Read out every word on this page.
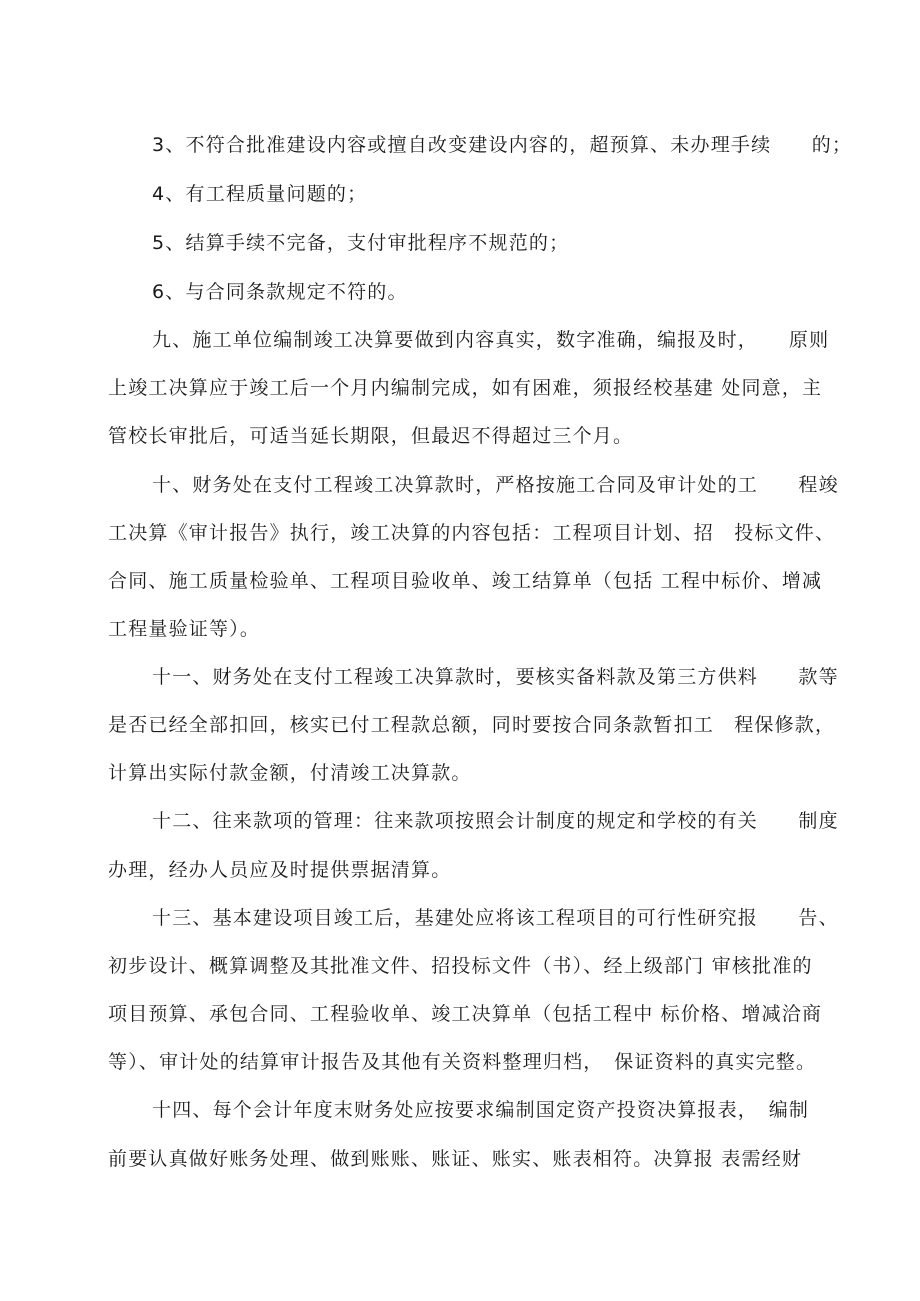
3、不符合批准建设内容或擅自改变建设内容的，超预算、未办理手续　　的；
4、有工程质量问题的；
5、结算手续不完备，支付审批程序不规范的；
6、与合同条款规定不符的。
九、施工单位编制竣工决算要做到内容真实，数字准确，编报及时，　　原则
上竣工决算应于竣工后一个月内编制完成，如有困难，须报经校基建 处同意，主
管校长审批后，可适当延长期限，但最迟不得超过三个月。
十、财务处在支付工程竣工决算款时，严格按施工合同及审计处的工　　程竣
工决算《审计报告》执行，竣工决算的内容包括：工程项目计划、招　投标文件、
合同、施工质量检验单、工程项目验收单、竣工结算单（包括 工程中标价、增减
工程量验证等）。
十一、财务处在支付工程竣工决算款时，要核实备料款及第三方供料　　款等
是否已经全部扣回，核实已付工程款总额，同时要按合同条款暂扣工　程保修款，
计算出实际付款金额，付清竣工决算款。
十二、往来款项的管理：往来款项按照会计制度的规定和学校的有关　　制度
办理，经办人员应及时提供票据清算。
十三、基本建设项目竣工后，基建处应将该工程项目的可行性研究报　　告、
初步设计、概算调整及其批准文件、招投标文件（书）、经上级部门 审核批准的
项目预算、承包合同、工程验收单、竣工决算单（包括工程中 标价格、增减洽商
等）、审计处的结算审计报告及其他有关资料整理归档，　保证资料的真实完整。
十四、每个会计年度末财务处应按要求编制国定资产投资决算报表，　编制
前要认真做好账务处理、做到账账、账证、账实、账表相符。决算报 表需经财
